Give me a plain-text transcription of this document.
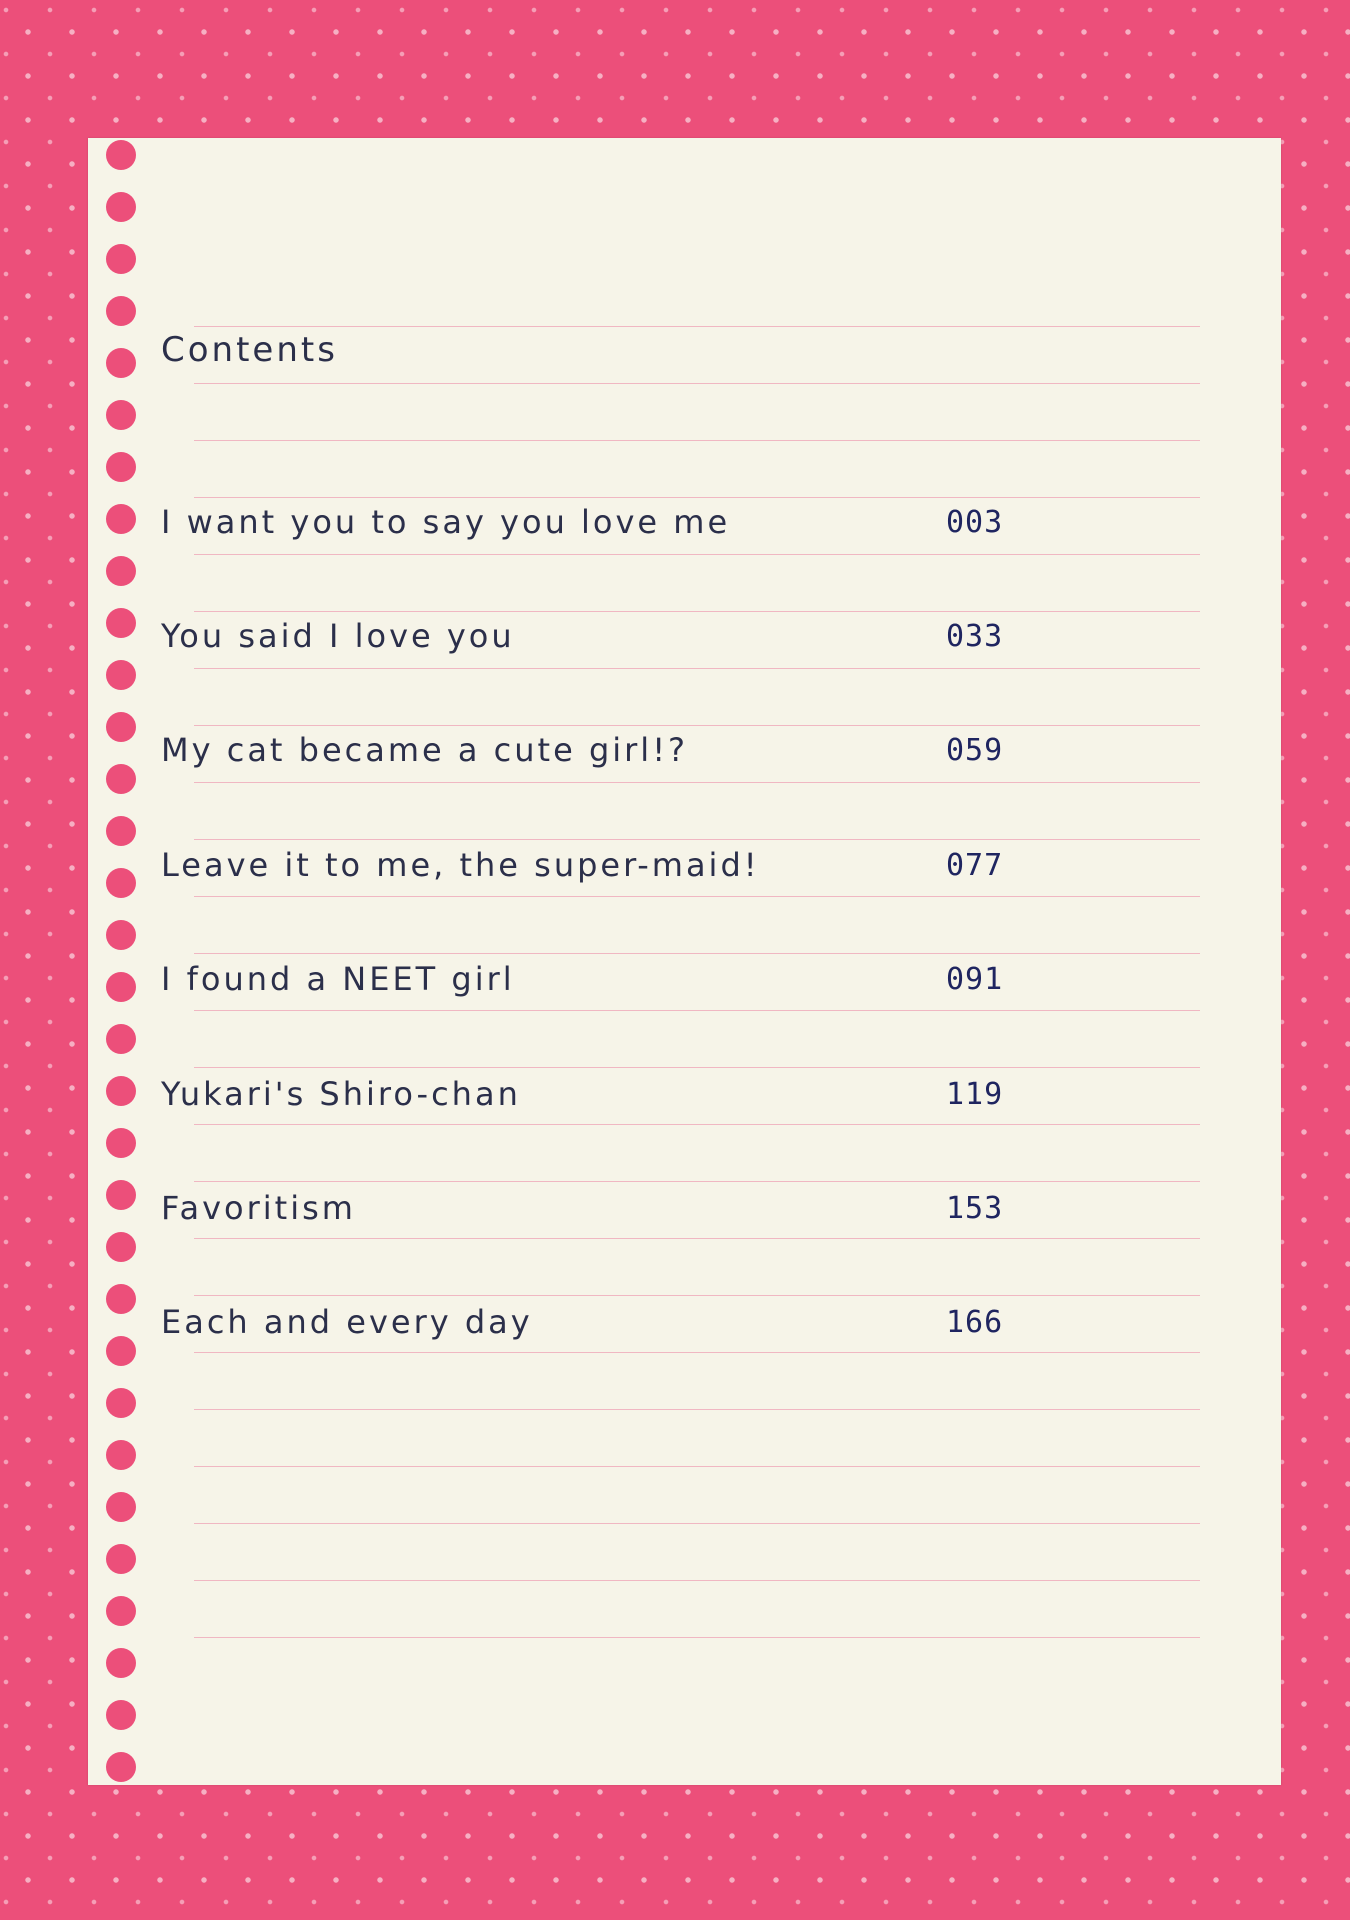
Contents
I want you to say you love me	003
You said I love you	033
My cat became a cute girl!?	059
Leave it to me, the super-maid!	077
I found a NEET girl	091
Yukari's Shiro-chan	119
Favoritism	153
Each and every day	166
